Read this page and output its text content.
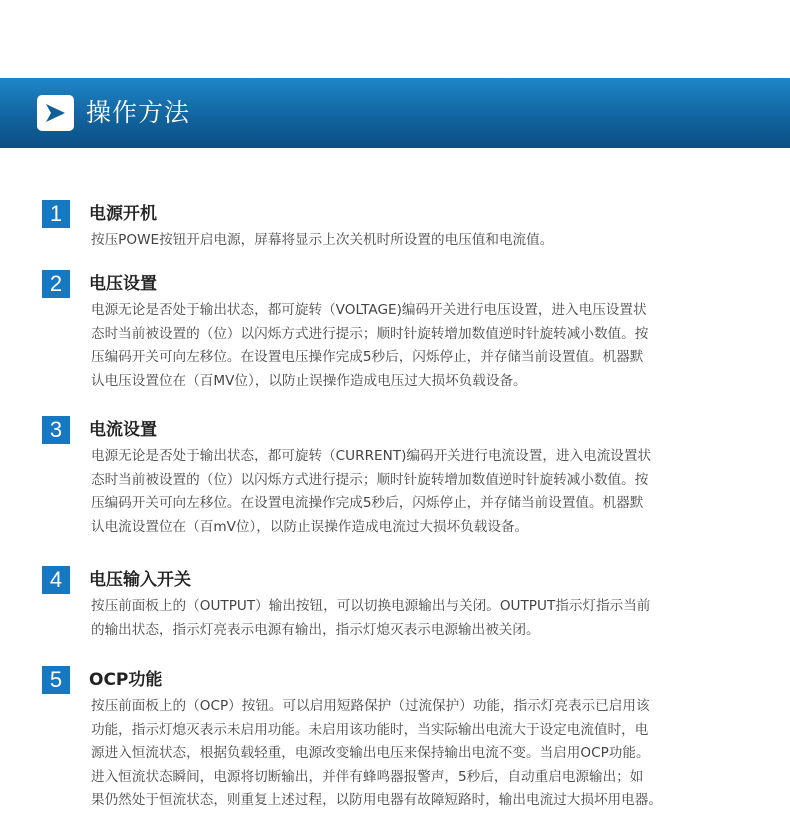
操作方法
1	电源开机
按压POWE按钮开启电源，屏幕将显示上次关机时所设置的电压值和电流值。
2	电压设置
电源无论是否处于输出状态，都可旋转（VOLTAGE)编码开关进行电压设置，进入电压设置状
态时当前被设置的（位）以闪烁方式进行提示；顺时针旋转增加数值逆时针旋转减小数值。按
压编码开关可向左移位。在设置电压操作完成5秒后，闪烁停止，并存储当前设置值。机器默
认电压设置位在（百MV位），以防止误操作造成电压过大损坏负载设备。
3	电流设置
电源无论是否处于输出状态，都可旋转（CURRENT)编码开关进行电流设置，进入电流设置状
态时当前被设置的（位）以闪烁方式进行提示；顺时针旋转增加数值逆时针旋转减小数值。按
压编码开关可向左移位。在设置电流操作完成5秒后，闪烁停止，并存储当前设置值。机器默
认电流设置位在（百mV位），以防止误操作造成电流过大损坏负载设备。
4	电压输入开关
按压前面板上的（OUTPUT）输出按钮，可以切换电源输出与关闭。OUTPUT指示灯指示当前
的输出状态，指示灯亮表示电源有输出，指示灯熄灭表示电源输出被关闭。
5	OCP功能
按压前面板上的（OCP）按钮。可以启用短路保护（过流保护）功能，指示灯亮表示已启用该
功能，指示灯熄灭表示未启用功能。未启用该功能时，当实际输出电流大于设定电流值时，电
源进入恒流状态，根据负载轻重，电源改变输出电压来保持输出电流不变。当启用OCP功能。
进入恒流状态瞬间，电源将切断输出，并伴有蜂鸣器报警声，5秒后，自动重启电源输出；如
果仍然处于恒流状态，则重复上述过程，以防用电器有故障短路时，输出电流过大损坏用电器。
